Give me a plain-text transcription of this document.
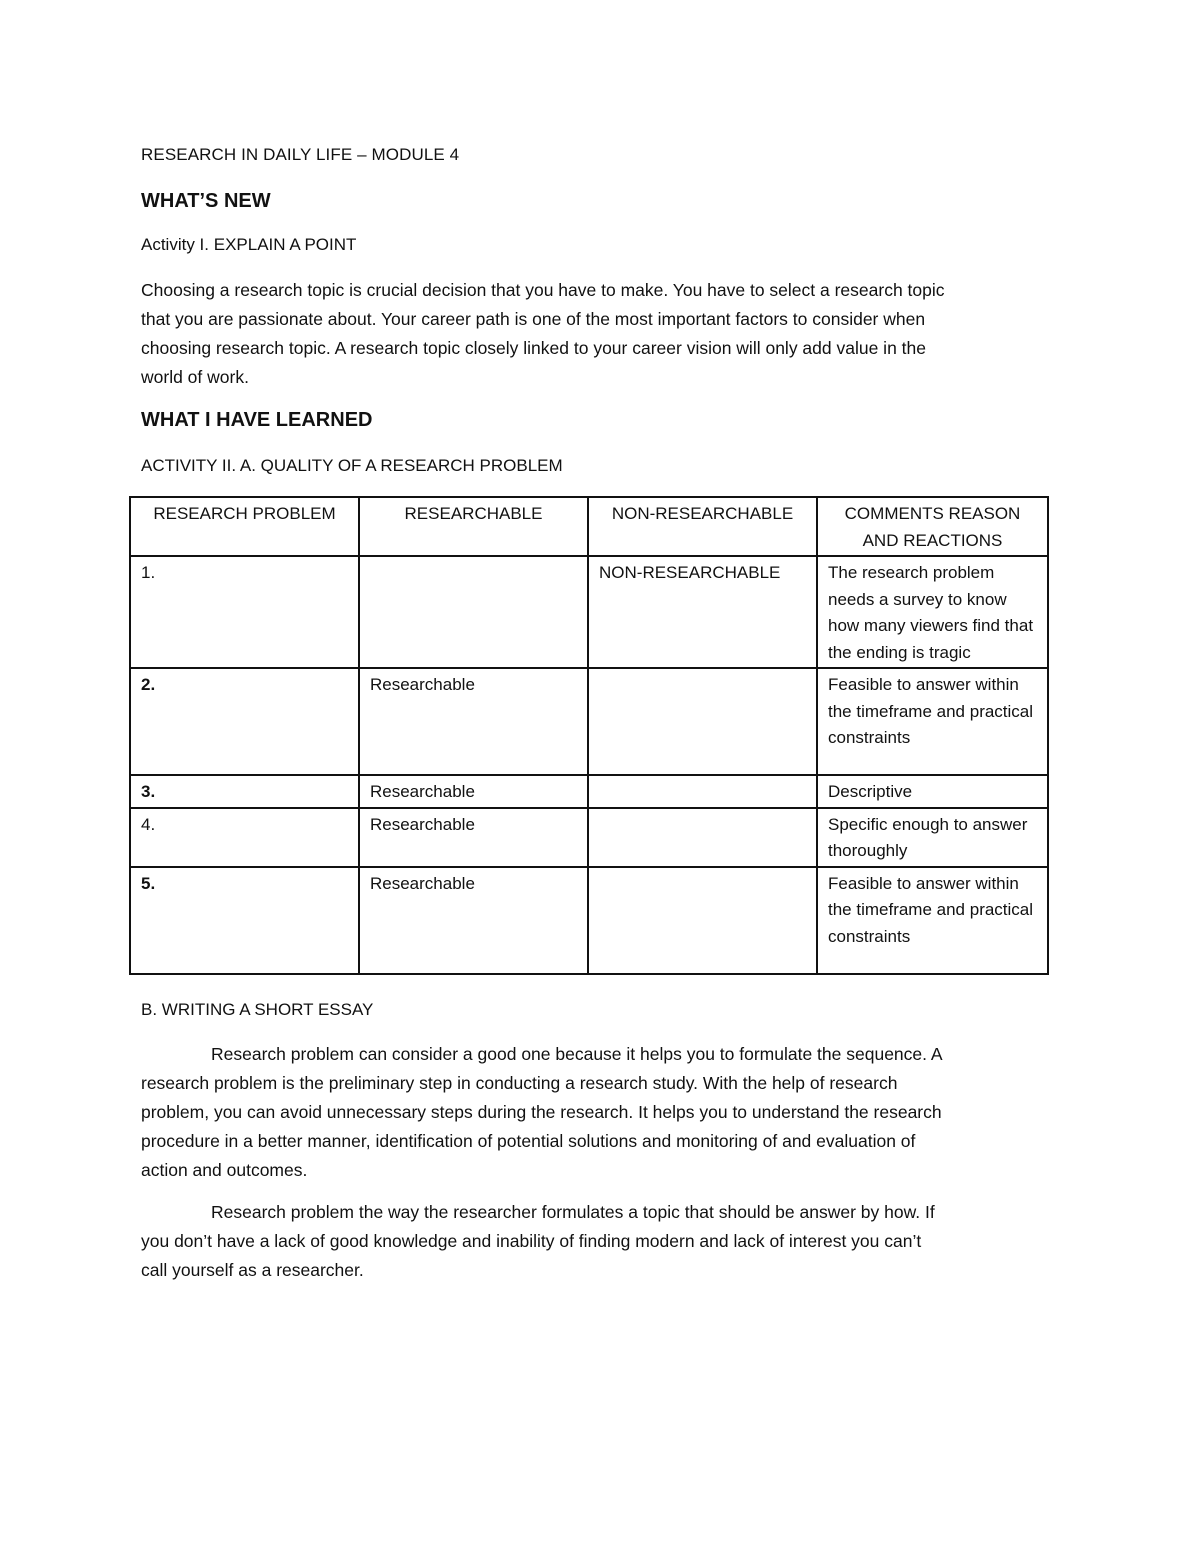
RESEARCH IN DAILY LIFE – MODULE 4

WHAT’S NEW

Activity I. EXPLAIN A POINT

Choosing a research topic is crucial decision that you have to make. You have to select a research topic

that you are passionate about. Your career path is one of the most important factors to consider when

choosing research topic. A research topic closely linked to your career vision will only add value in the

world of work.

WHAT I HAVE LEARNED

ACTIVITY II. A. QUALITY OF A RESEARCH PROBLEM

RESEARCH PROBLEM	RESEARCHABLE	NON-RESEARCHABLE	COMMENTS REASON AND REACTIONS
1.		NON-RESEARCHABLE	The research problem needs a survey to know how many viewers find that the ending is tragic
2.	Researchable		Feasible to answer within the timeframe and practical constraints
3.	Researchable		Descriptive
4.	Researchable		Specific enough to answer thoroughly
5.	Researchable		Feasible to answer within the timeframe and practical constraints

B. WRITING A SHORT ESSAY

Research problem can consider a good one because it helps you to formulate the sequence. A

research problem is the preliminary step in conducting a research study. With the help of research

problem, you can avoid unnecessary steps during the research. It helps you to understand the research

procedure in a better manner, identification of potential solutions and monitoring of and evaluation of

action and outcomes.

Research problem the way the researcher formulates a topic that should be answer by how. If

you don’t have a lack of good knowledge and inability of finding modern and lack of interest you can’t

call yourself as a researcher.
